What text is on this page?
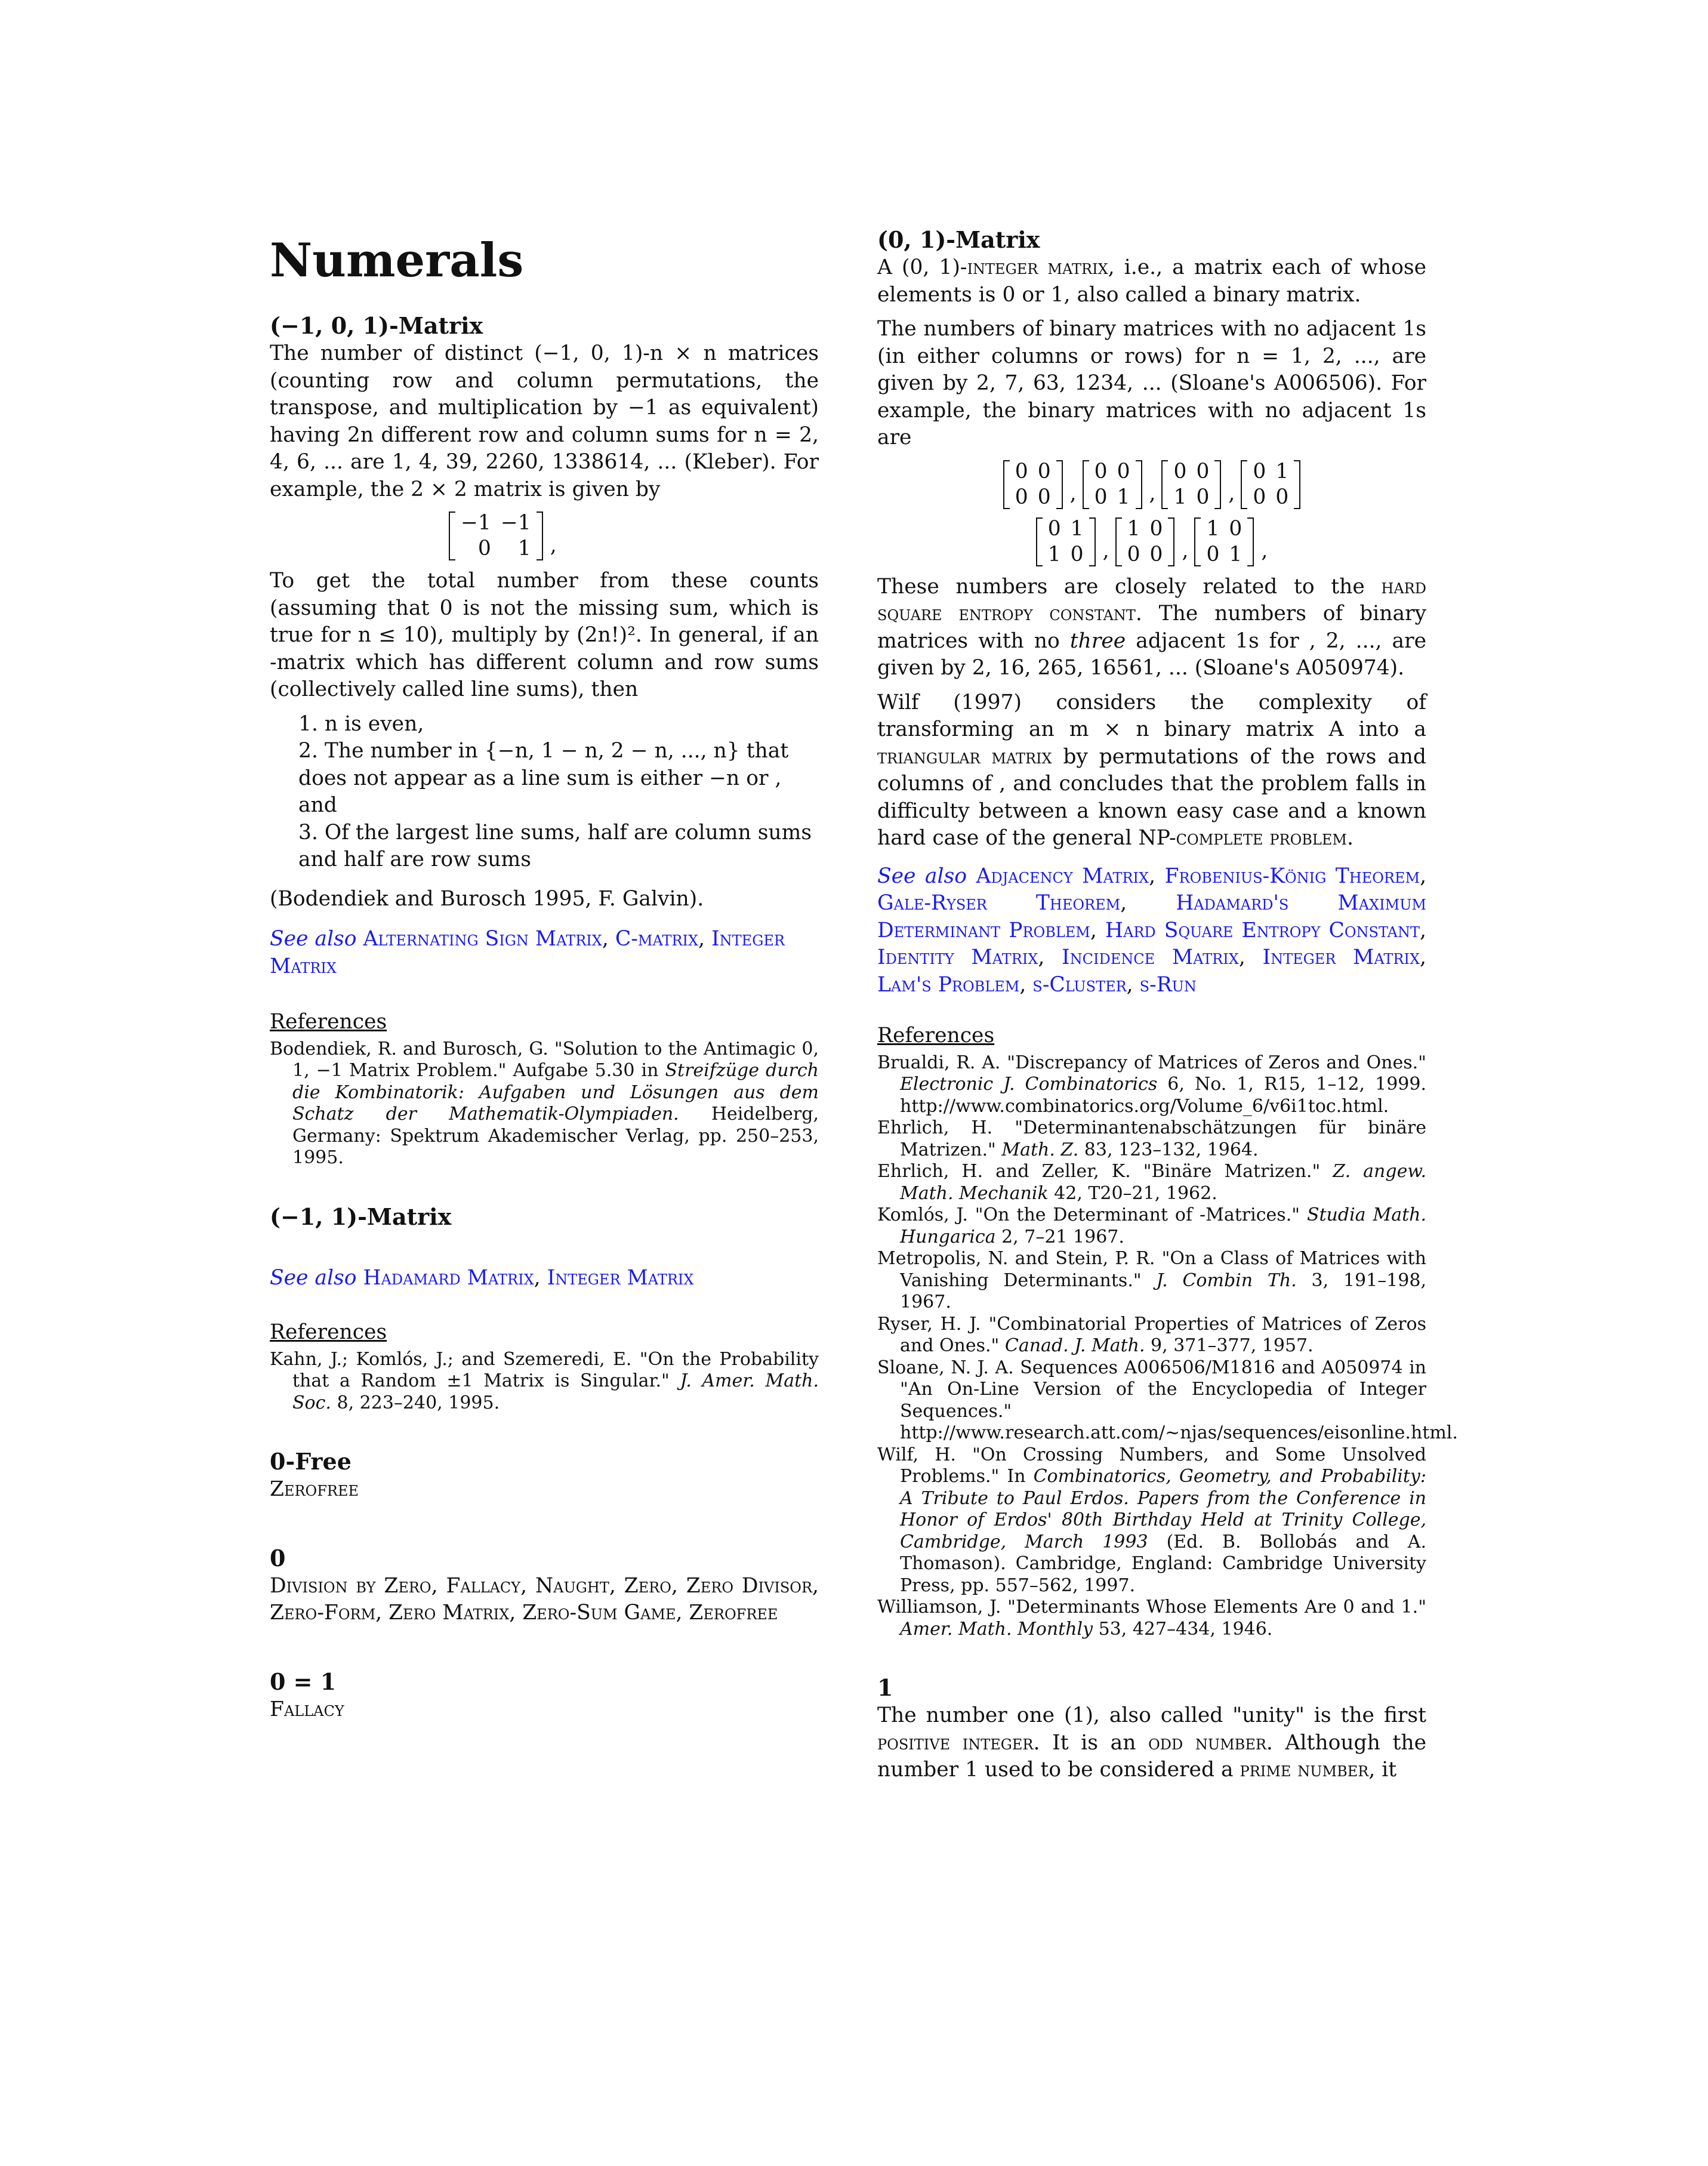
Numerals
(−1, 0, 1)-Matrix

The number of distinct (−1, 0, 1)-n × n matrices (counting row and column permutations, the transpose, and multiplication by −1 as equivalent) having 2n different row and column sums for n = 2, 4, 6, ... are 1, 4, 39, 2260, 1338614, ... (Kleber). For example, the 2 × 2 matrix is given by

−1	−1
0	1 ,

To get the total number from these counts (assuming that 0 is not the missing sum, which is true for n ≤ 10), multiply by (2n!)². In general, if an -matrix which has different column and row sums (collectively called line sums), then

1. n is even,
2. The number in {−n, 1 − n, 2 − n, ..., n} that does not appear as a line sum is either −n or , and
3. Of the largest line sums, half are column sums and half are row sums

(Bodendiek and Burosch 1995, F. Galvin).

See also Alternating Sign Matrix, C-matrix, Integer Matrix

References

Bodendiek, R. and Burosch, G. "Solution to the Antimagic 0, 1, −1 Matrix Problem." Aufgabe 5.30 in Streifzüge durch die Kombinatorik: Aufgaben und Lösungen aus dem Schatz der Mathematik-Olympiaden. Heidelberg, Germany: Spektrum Akademischer Verlag, pp. 250–253, 1995.

(−1, 1)-Matrix

See also Hadamard Matrix, Integer Matrix

References

Kahn, J.; Komlós, J.; and Szemeredi, E. "On the Probability that a Random ±1 Matrix is Singular." J. Amer. Math. Soc. 8, 223–240, 1995.

0-Free

Zerofree

0

Division by Zero, Fallacy, Naught, Zero, Zero Divisor, Zero-Form, Zero Matrix, Zero-Sum Game, Zerofree

0 = 1

Fallacy

(0, 1)-Matrix

A (0, 1)-integer matrix, i.e., a matrix each of whose elements is 0 or 1, also called a binary matrix.

The numbers of binary matrices with no adjacent 1s (in either columns or rows) for n = 1, 2, ..., are given by 2, 7, 63, 1234, ... (Sloane's A006506). For example, the binary matrices with no adjacent 1s are

0	0
0	0 ,
0	0
0	1 ,
0	0
1	0 ,
0	1
0	0
0	1
1	0 ,
1	0
0	0 ,
1	0
0	1 ,

These numbers are closely related to the hard square entropy constant. The numbers of binary matrices with no three adjacent 1s for , 2, ..., are given by 2, 16, 265, 16561, ... (Sloane's A050974).

Wilf (1997) considers the complexity of transforming an m × n binary matrix A into a triangular matrix by permutations of the rows and columns of , and concludes that the problem falls in difficulty between a known easy case and a known hard case of the general NP-complete problem.

See also Adjacency Matrix, Frobenius-König Theorem, Gale-Ryser Theorem, Hadamard's Maximum Determinant Problem, Hard Square Entropy Constant, Identity Matrix, Incidence Matrix, Integer Matrix, Lam's Problem, s-Cluster, s-Run

References

Brualdi, R. A. "Discrepancy of Matrices of Zeros and Ones." Electronic J. Combinatorics 6, No. 1, R15, 1–12, 1999. http://www.combinatorics.org/Volume_6/v6i1toc.html.

Ehrlich, H. "Determinantenabschätzungen für binäre Matrizen." Math. Z. 83, 123–132, 1964.

Ehrlich, H. and Zeller, K. "Binäre Matrizen." Z. angew. Math. Mechanik 42, T20–21, 1962.

Komlós, J. "On the Determinant of -Matrices." Studia Math. Hungarica 2, 7–21 1967.

Metropolis, N. and Stein, P. R. "On a Class of Matrices with Vanishing Determinants." J. Combin Th. 3, 191–198, 1967.

Ryser, H. J. "Combinatorial Properties of Matrices of Zeros and Ones." Canad. J. Math. 9, 371–377, 1957.

Sloane, N. J. A. Sequences A006506/M1816 and A050974 in "An On-Line Version of the Encyclopedia of Integer Sequences." http://www.research.att.com/~njas/sequences/eisonline.html.

Wilf, H. "On Crossing Numbers, and Some Unsolved Problems." In Combinatorics, Geometry, and Probability: A Tribute to Paul Erdos. Papers from the Conference in Honor of Erdos' 80th Birthday Held at Trinity College, Cambridge, March 1993 (Ed. B. Bollobás and A. Thomason). Cambridge, England: Cambridge University Press, pp. 557–562, 1997.

Williamson, J. "Determinants Whose Elements Are 0 and 1." Amer. Math. Monthly 53, 427–434, 1946.

1

The number one (1), also called "unity" is the first positive integer. It is an odd number. Although the number 1 used to be considered a prime number, it
